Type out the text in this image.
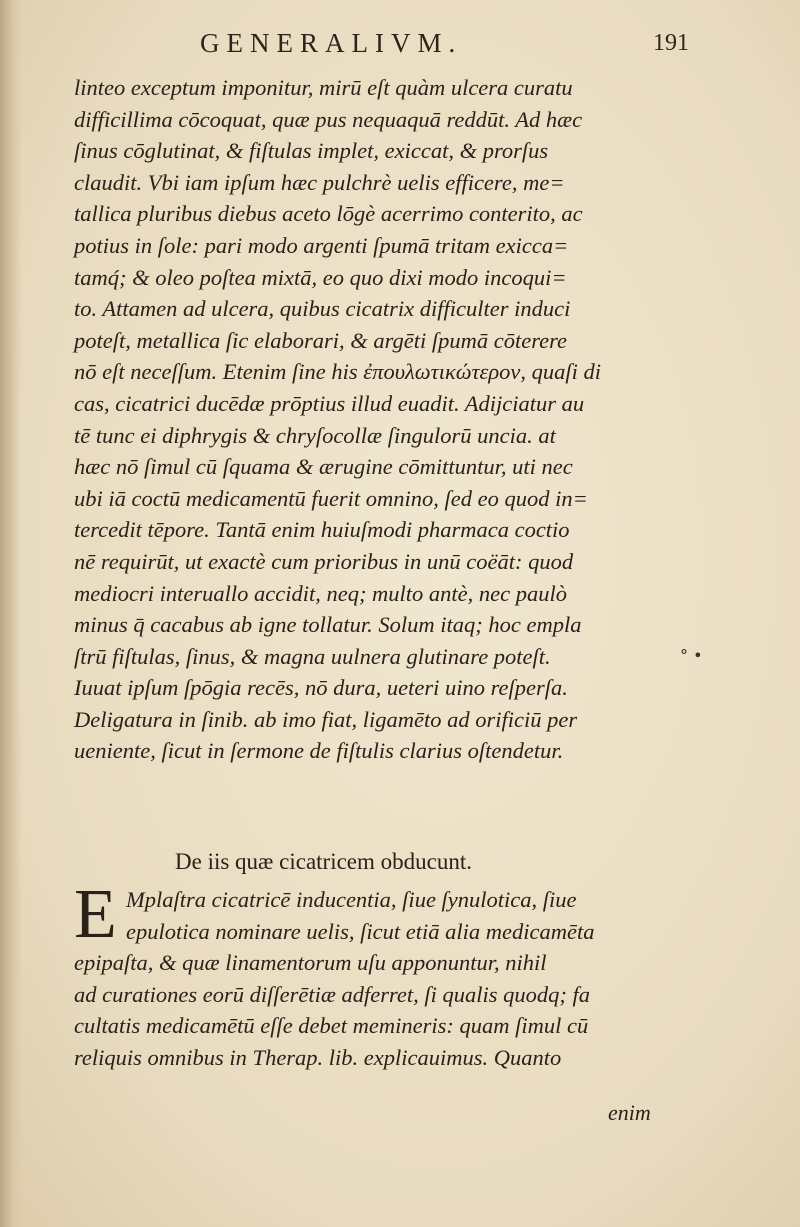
GENERALIVM.	191
linteo exceptum imponitur, mirū eſt quàm ulcera curatu
difficillima cōcoquat, quæ pus nequaquā reddūt. Ad hæc
ſinus cōglutinat, & fiſtulas implet, exiccat, & prorſus
claudit. Vbi iam ipſum hæc pulchrè uelis efficere, me=
tallica pluribus diebus aceto lōgè acerrimo conterito, ac
potius in ſole: pari modo argenti ſpumā tritam exicca=
tamq́; & oleo poſtea mixtā, eo quo dixi modo incoqui=
to. Attamen ad ulcera, quibus cicatrix difficulter induci
poteſt, metallica ſic elaborari, & argēti ſpumā cōterere
nō eſt neceſſum. Etenim ſine his ἐπουλωτικώτερον, quaſi di
cas, cicatrici ducēdæ prōptius illud euadit. Adijciatur au
tē tunc ei diphrygis & chryſocollæ ſingulorū uncia. at
hæc nō ſimul cū ſquama & ærugine cōmittuntur, uti nec
ubi iā coctū medicamentū fuerit omnino, ſed eo quod in=
tercedit tēpore. Tantā enim huiuſmodi pharmaca coctio
nē requirūt, ut exactè cum prioribus in unū coëāt: quod
mediocri interuallo accidit, neq; multo antè, nec paulò
minus q̄ cacabus ab igne tollatur. Solum itaq; hoc empla
ſtrū fiſtulas, ſinus, & magna uulnera glutinare poteſt.
Iuuat ipſum ſpōgia recēs, nō dura, ueteri uino reſperſa.
Deligatura in ſinib. ab imo fiat, ligamēto ad orificiū per
ueniente, ſicut in ſermone de fiſtulis clarius oſtendetur.
° •
De iis quæ cicatricem obducunt.
E Mplaſtra cicatricē inducentia, ſiue ſynulotica, ſiue
epulotica nominare uelis, ſicut etiā alia medicamēta
epipaſta, & quæ linamentorum uſu apponuntur, nihil
ad curationes eorū diſſerētiæ adferret, ſi qualis quodq; fa
cultatis medicamētū eſſe debet memineris: quam ſimul cū
reliquis omnibus in Therap. lib. explicauimus. Quanto
enim
